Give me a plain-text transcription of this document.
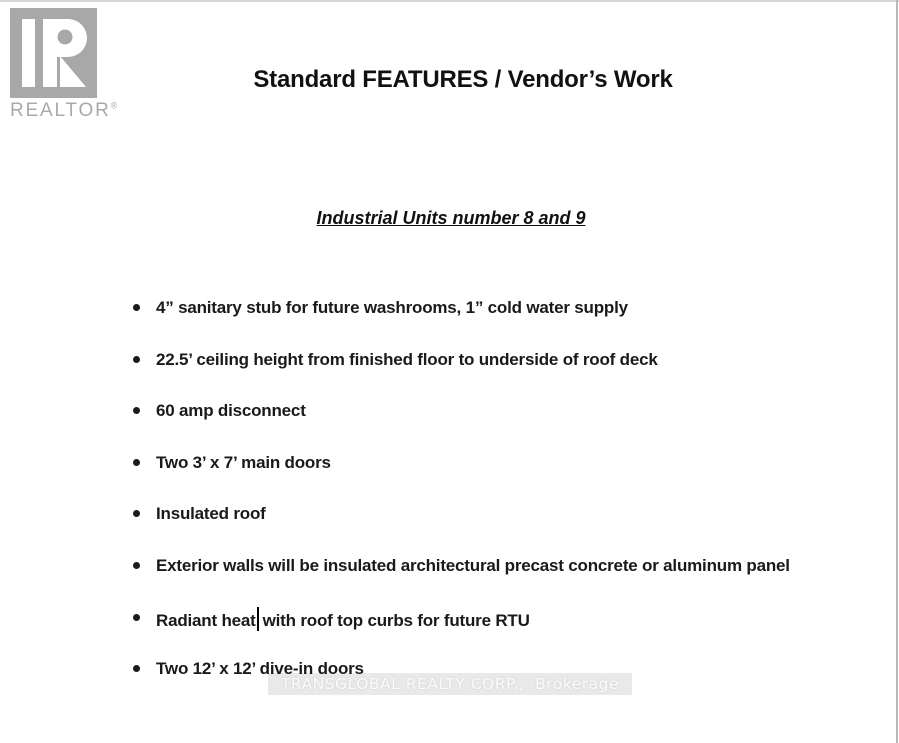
REALTOR®
Standard FEATURES / Vendor’s Work
Industrial Units number 8 and 9
4” sanitary stub for future washrooms, 1” cold water supply
22.5’ ceiling height from finished floor to underside of roof deck
60 amp disconnect
Two 3’ x 7’ main doors
Insulated roof
Exterior walls will be insulated architectural precast concrete or aluminum panel
Radiant heat with roof top curbs for future RTU
Two 12’ x 12’ dive-in doors
TRANSGLOBAL REALTY CORP.,  Brokerage
